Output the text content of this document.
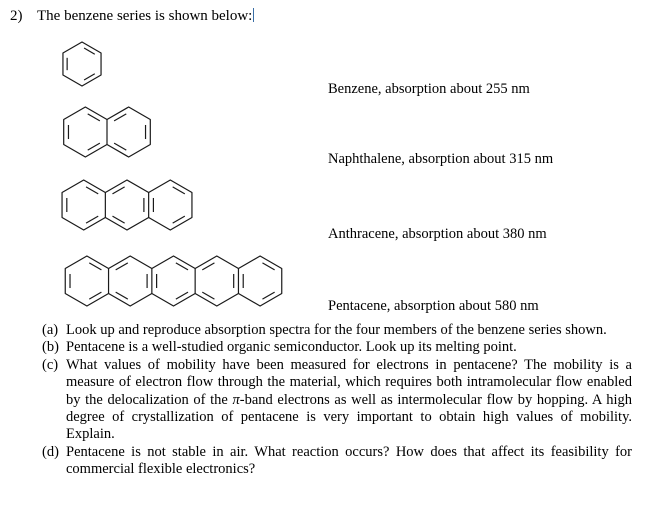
2) The benzene series is shown below:
Benzene, absorption about 255 nm
Naphthalene, absorption about 315 nm
Anthracene, absorption about 380 nm
Pentacene, absorption about 580 nm

(a) Look up and reproduce absorption spectra for the four members of the benzene series shown.

(b) Pentacene is a well-studied organic semiconductor. Look up its melting point.

(c) What values of mobility have been measured for electrons in pentacene? The mobility is a measure of electron flow through the material, which requires both intramolecular flow enabled by the delocalization of the π-band electrons as well as intermolecular flow by hopping. A high degree of crystallization of pentacene is very important to obtain high values of mobility. Explain.

(d) Pentacene is not stable in air. What reaction occurs? How does that affect its feasibility for commercial flexible electronics?
